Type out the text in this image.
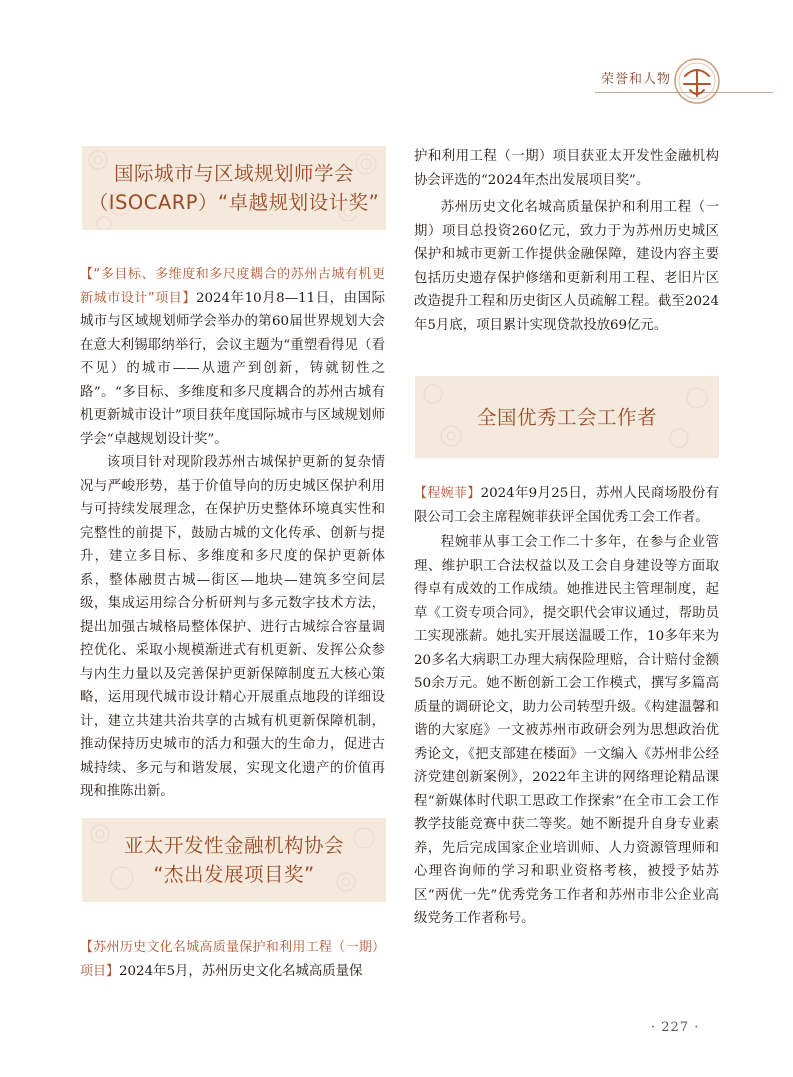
荣誉和人物
国际城市与区域规划师学会
（ISOCARP）“卓越规划设计奖”

【“多目标、多维度和多尺度耦合的苏州古城有机更新城市设计”项目】2024年10月8—11日，由国际城市与区域规划师学会举办的第60届世界规划大会在意大利锡耶纳举行，会议主题为“重塑看得见（看不见）的城市——从遗产到创新，铸就韧性之路”。“多目标、多维度和多尺度耦合的苏州古城有机更新城市设计”项目获年度国际城市与区域规划师学会“卓越规划设计奖”。

该项目针对现阶段苏州古城保护更新的复杂情况与严峻形势，基于价值导向的历史城区保护利用与可持续发展理念，在保护历史整体环境真实性和完整性的前提下，鼓励古城的文化传承、创新与提升，建立多目标、多维度和多尺度的保护更新体系，整体融贯古城—街区—地块—建筑多空间层级，集成运用综合分析研判与多元数字技术方法，提出加强古城格局整体保护、进行古城综合容量调控优化、采取小规模渐进式有机更新、发挥公众参与内生力量以及完善保护更新保障制度五大核心策略，运用现代城市设计精心开展重点地段的详细设计，建立共建共治共享的古城有机更新保障机制，推动保持历史城市的活力和强大的生命力，促进古城持续、多元与和谐发展，实现文化遗产的价值再现和推陈出新。

亚太开发性金融机构协会
“杰出发展项目奖”

【苏州历史文化名城高质量保护和利用工程（一期）项目】2024年5月，苏州历史文化名城高质量保

护和利用工程（一期）项目获亚太开发性金融机构协会评选的“2024年杰出发展项目奖”。

苏州历史文化名城高质量保护和利用工程（一期）项目总投资260亿元，致力于为苏州历史城区保护和城市更新工作提供金融保障，建设内容主要包括历史遗存保护修缮和更新利用工程、老旧片区改造提升工程和历史街区人员疏解工程。截至2024年5月底，项目累计实现贷款投放69亿元。

全国优秀工会工作者

【程婉菲】2024年9月25日，苏州人民商场股份有限公司工会主席程婉菲获评全国优秀工会工作者。

程婉菲从事工会工作二十多年，在参与企业管理、维护职工合法权益以及工会自身建设等方面取得卓有成效的工作成绩。她推进民主管理制度，起草《工资专项合同》，提交职代会审议通过，帮助员工实现涨薪。她扎实开展送温暖工作，10多年来为20多名大病职工办理大病保险理赔，合计赔付金额50余万元。她不断创新工会工作模式，撰写多篇高质量的调研论文，助力公司转型升级。《构建温馨和谐的大家庭》一文被苏州市政研会列为思想政治优秀论文，《把支部建在楼面》一文编入《苏州非公经济党建创新案例》，2022年主讲的网络理论精品课程“新媒体时代职工思政工作探索”在全市工会工作教学技能竞赛中获二等奖。她不断提升自身专业素养，先后完成国家企业培训师、人力资源管理师和心理咨询师的学习和职业资格考核，被授予姑苏区“两优一先”优秀党务工作者和苏州市非公企业高级党务工作者称号。

· 227 ·
